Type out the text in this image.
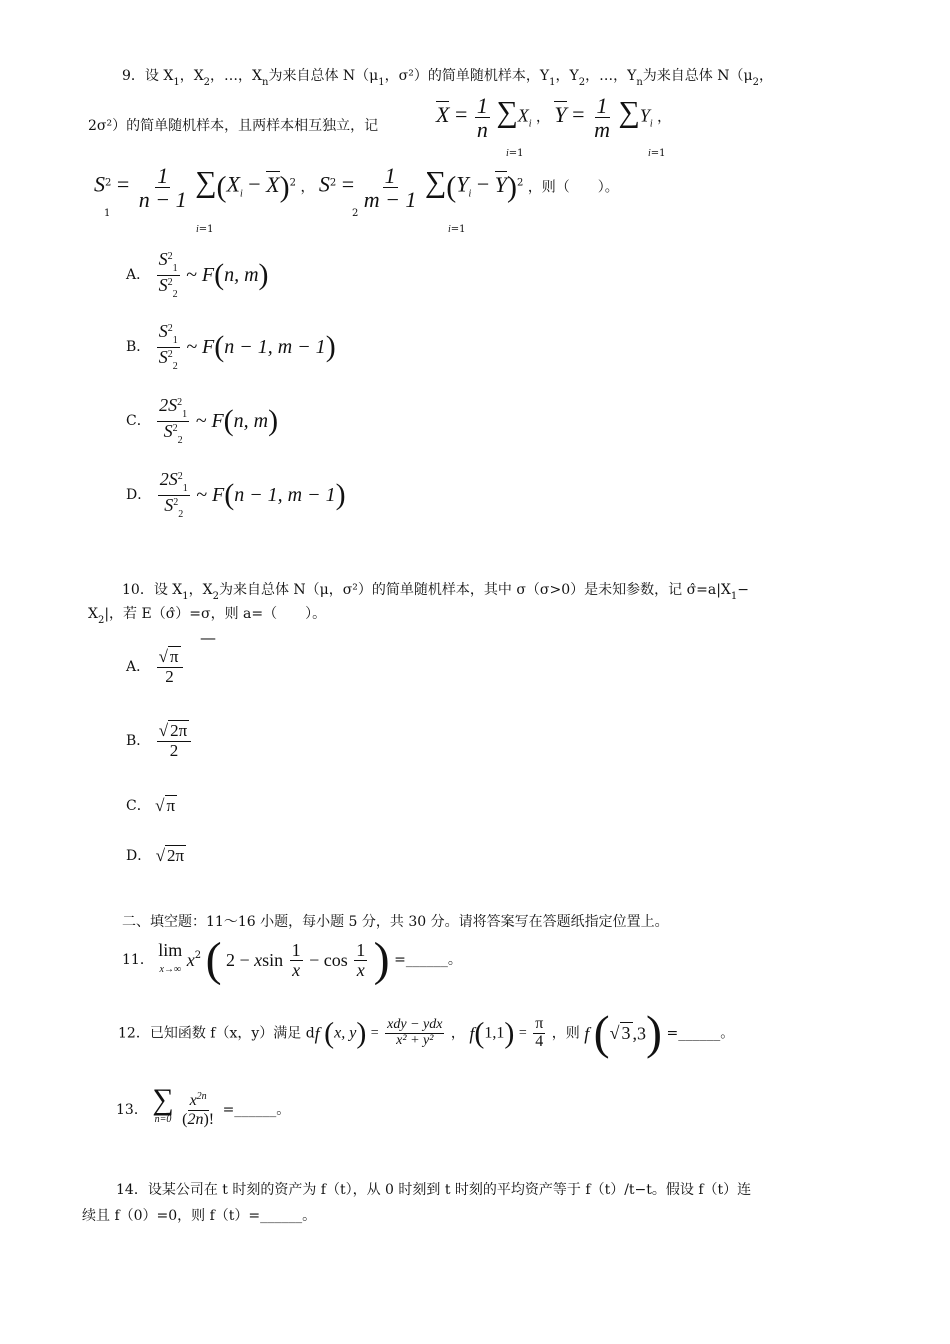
9．设 $X_1$，$X_2$，…，$X_n$为来自总体 $N(\mu_1$，σ²）的简单随机样本，$Y_1$，$Y_2$，…，$Y_n$为来自总体 $N(\mu_2$，
2σ²）的简单随机样本，且两样本相互独立，记	$X = \frac{1}{n} \sum X_i$ ， $Y = \frac{1}{m} \sum Y_i$ ，
i=1	i=1
$S^2 = \frac{1}{n - 1} \sum(X_i - X)^2$ ， $S^2 = \frac{1}{m - 1} \sum(Y_i - Y)^2$ ，则（　　）。
1	2
i=1	i=1
A． $\frac{S^2_1}{S^2_2}$ ~ F(n, m)
B． $\frac{S^2_1}{S^2_2}$ ~ F(n − 1, m − 1)
C． $\frac{2S^2_1}{S^2_2}$ ~ F(n, m)
D． $\frac{2S^2_1}{S^2_2}$ ~ F(n − 1, m − 1)
10．设 $X_1$，$X_2$为来自总体 N（μ，σ²）的简单随机样本，其中 σ（σ>0）是未知参数，记 $\sigmâ=a|X_1-$
$X_2|$，若 E（σ̂）=σ，则 a=（　　）。
—
A． $\frac{√ \pi}{2}$
B． $\frac{√ 2\pi}{2}$
C． √ π
D． √ 2π
二、填空题：11～16 小题，每小题 5 分，共 30 分。请将答案写在答题纸指定位置上。
11． lim
x→∞ $x^2$ ( 2 − xsin $\frac{1}{x} - \cos \frac{1}{x}$ ) =______。
12．已知函数 f（x，y）满足 df (x, $y) = \frac{\text{xdy − ydx}}{\text{x² + y²}}$ ， $f(1,1) = \frac{\pi}{4}$ ，则 f (√ 3 ,3) =______。
13． ∑
n=0
$\frac{x^{2n}}{(2n)!}$ =______。
14．设某公司在 t 时刻的资产为 f（t），从 0 时刻到 t 时刻的平均资产等于 f（t）/t−t。假设 f（t）连
续且 f（0）=0，则 f（t）=______。
